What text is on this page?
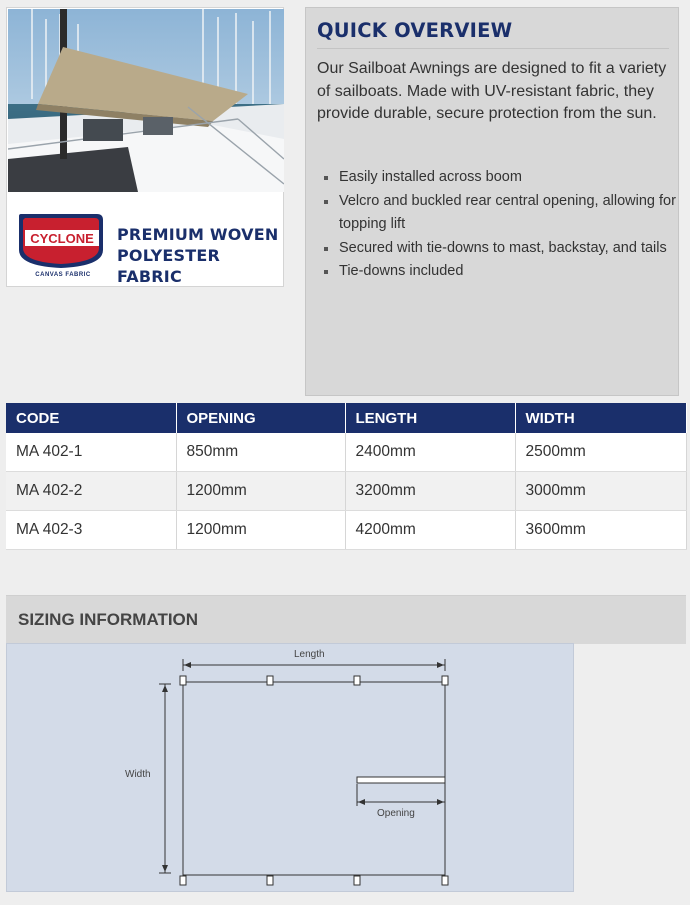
CYCLONE
CANVAS FABRIC
PREMIUM WOVEN
POLYESTER FABRIC
QUICK OVERVIEW
Our Sailboat Awnings are designed to fit a variety of sailboats. Made with UV-resistant fabric, they provide durable, secure protection from the sun.
Easily installed across boom
Velcro and buckled rear central opening, allowing for topping lift
Secured with tie-downs to mast, backstay, and tails
Tie-downs included
CODE	OPENING	LENGTH	WIDTH
MA 402-1	850mm	2400mm	2500mm
MA 402-2	1200mm	3200mm	3000mm
MA 402-3	1200mm	4200mm	3600mm
SIZING INFORMATION
Length
Width
Opening
